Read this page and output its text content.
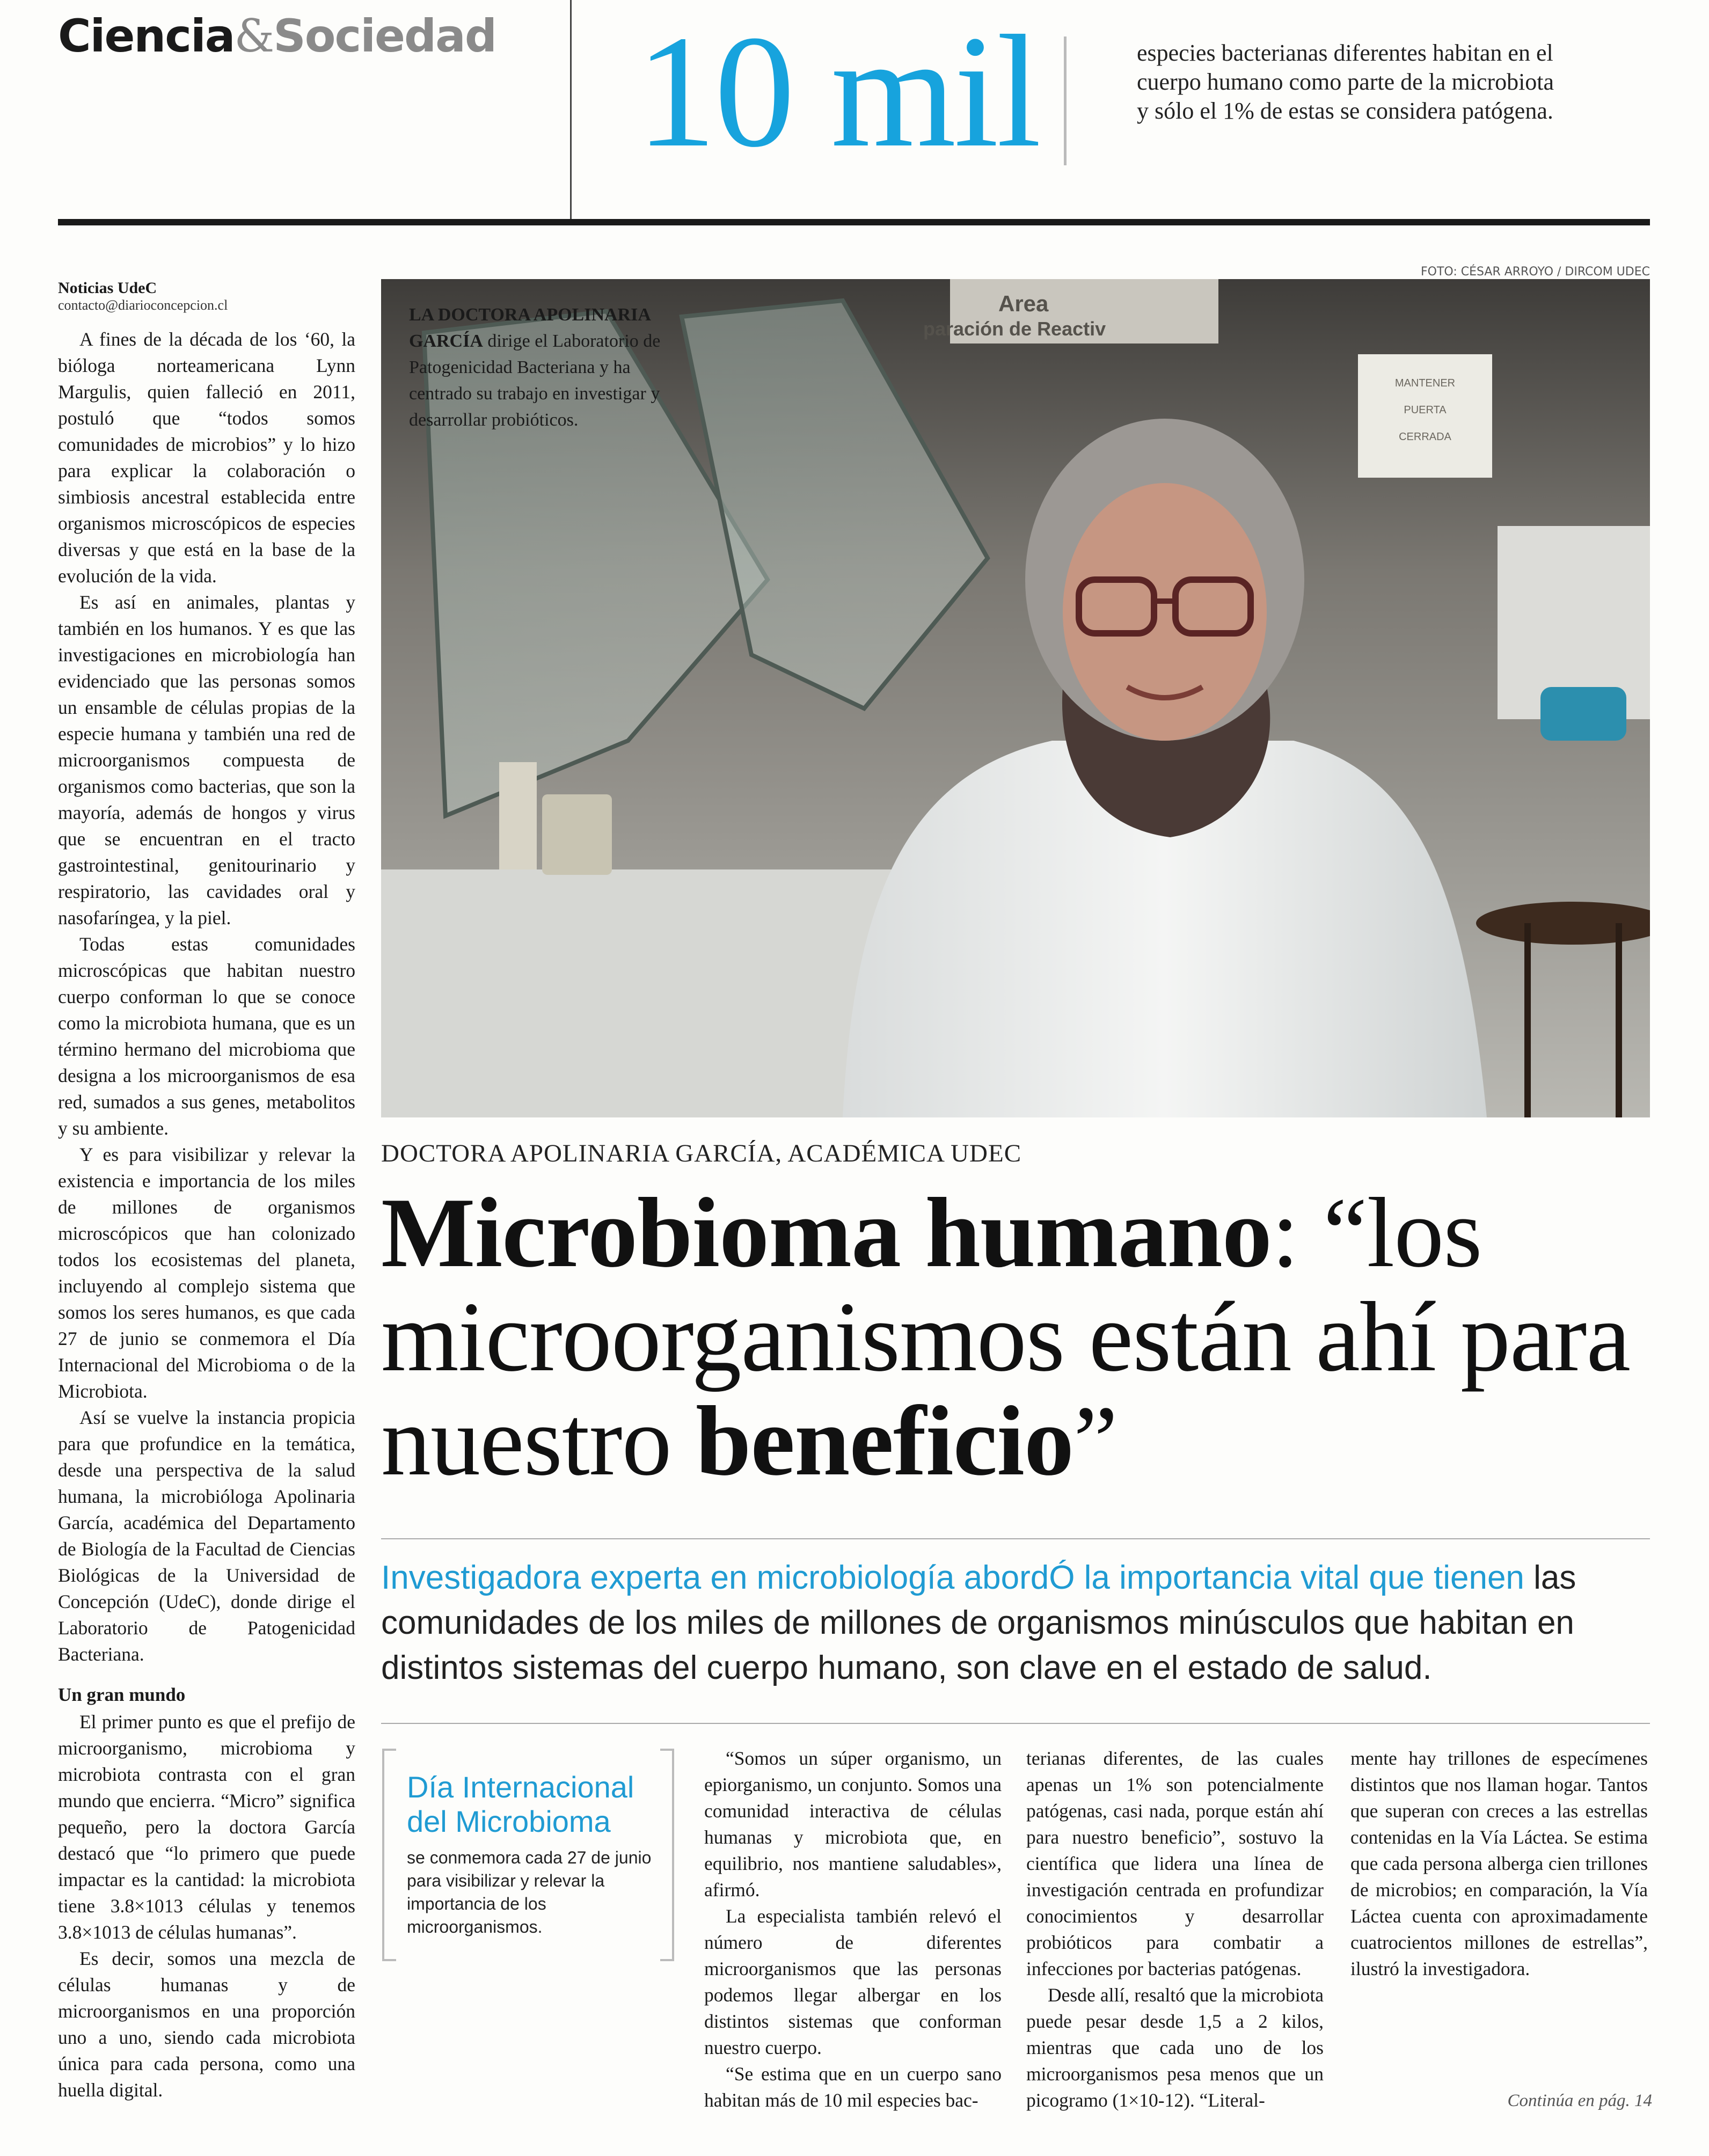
Ciencia&Sociedad 10 mil	especies bacterianas diferentes habitan en el cuerpo humano como parte de la microbiota y sólo el 1% de estas se considera patógena.
Noticias UdeC
contacto@diarioconcepcion.cl

A fines de la década de los ‘60, la bióloga norteamericana Lynn Margulis, quien falleció en 2011, postuló que “todos somos comunidades de microbios” y lo hizo para explicar la colaboración o simbiosis ancestral establecida entre organismos microscópicos de especies diversas y que está en la base de la evolución de la vida.

Es así en animales, plantas y también en los humanos. Y es que las investigaciones en microbiología han evidenciado que las personas somos un ensamble de células propias de la especie humana y también una red de microorganismos compuesta de organismos como bacterias, que son la mayoría, además de hongos y virus que se encuentran en el tracto gastrointestinal, genitourinario y respiratorio, las cavidades oral y nasofaríngea, y la piel.

Todas estas comunidades microscópicas que habitan nuestro cuerpo conforman lo que se conoce como la microbiota humana, que es un término hermano del microbioma que designa a los microorganismos de esa red, sumados a sus genes, metabolitos y su ambiente.

Y es para visibilizar y relevar la existencia e importancia de los miles de millones de organismos microscópicos que han colonizado todos los ecosistemas del planeta, incluyendo al complejo sistema que somos los seres humanos, es que cada 27 de junio se conmemora el Día Internacional del Microbioma o de la Microbiota.

Así se vuelve la instancia propicia para que profundice en la temática, desde una perspectiva de la salud humana, la microbióloga Apolinaria García, académica del Departamento de Biología de la Facultad de Ciencias Biológicas de la Universidad de Concepción (UdeC), donde dirige el Laboratorio de Patogenicidad Bacteriana.

Un gran mundo

El primer punto es que el prefijo de microorganismo, microbioma y microbiota contrasta con el gran mundo que encierra. “Micro” significa pequeño, pero la doctora García destacó que “lo primero que puede impactar es la cantidad: la microbiota tiene 3.8×1013 células y tenemos 3.8×1013 de células humanas”.

Es decir, somos una mezcla de células humanas y de microorganismos en una proporción uno a uno, siendo cada microbiota única para cada persona, como una huella digital.

FOTO: CÉSAR ARROYO / DIRCOM UDEC
Area
paración de Reactiv
MANTENER
PUERTA
CERRADA
LA DOCTORA APOLINARIA GARCÍA dirige el Laboratorio de Patogenicidad Bacteriana y ha centrado su trabajo en investigar y desarrollar probióticos.
DOCTORA APOLINARIA GARCÍA, ACADÉMICA UDEC
Microbioma humano: “los microorganismos están ahí para nuestro beneficio”
Investigadora experta en microbiología abordÓ la importancia vital que tienen las comunidades de los miles de millones de organismos minúsculos que habitan en distintos sistemas del cuerpo humano, son clave en el estado de salud.
Día Internacional del Microbioma
se conmemora cada 27 de junio para visibilizar y relevar la importancia de los microorganismos.

“Somos un súper organismo, un epiorganismo, un conjunto. Somos una comunidad interactiva de células humanas y microbiota que, en equilibrio, nos mantiene saludables», afirmó.

La especialista también relevó el número de diferentes microorganismos que las personas podemos llegar albergar en los distintos sistemas que conforman nuestro cuerpo.

“Se estima que en un cuerpo sano habitan más de 10 mil especies bac-

terianas diferentes, de las cuales apenas un 1% son potencialmente patógenas, casi nada, porque están ahí para nuestro beneficio”, sostuvo la científica que lidera una línea de investigación centrada en profundizar conocimientos y desarrollar probióticos para combatir a infecciones por bacterias patógenas.

Desde allí, resaltó que la microbiota puede pesar desde 1,5 a 2 kilos, mientras que cada uno de los microorganismos pesa menos que un picogramo (1×10-12). “Literal-

mente hay trillones de especímenes distintos que nos llaman hogar. Tantos que superan con creces a las estrellas contenidas en la Vía Láctea. Se estima que cada persona alberga cien trillones de microbios; en comparación, la Vía Láctea cuenta con aproximadamente cuatrocientos millones de estrellas”, ilustró la investigadora.

Continúa en pág. 14
